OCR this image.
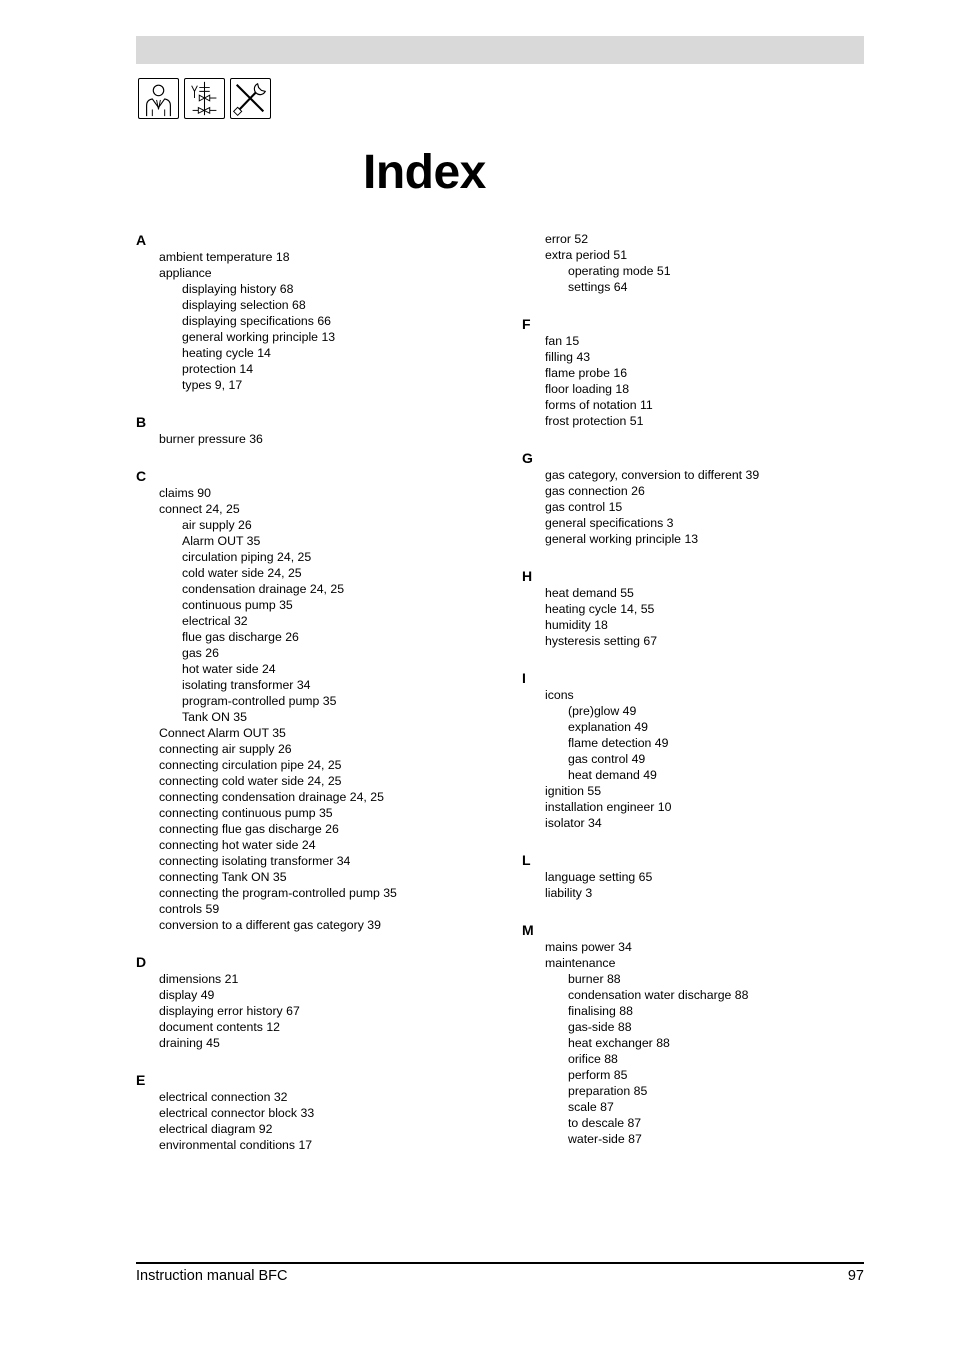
Index
A
ambient temperature 18
appliance
displaying history 68
displaying selection 68
displaying specifications 66
general working principle 13
heating cycle 14
protection 14
types 9, 17
B
burner pressure 36
C
claims 90
connect 24, 25
air supply 26
Alarm OUT 35
circulation piping 24, 25
cold water side 24, 25
condensation drainage 24, 25
continuous pump 35
electrical 32
flue gas discharge 26
gas 26
hot water side 24
isolating transformer 34
program-controlled pump 35
Tank ON 35
Connect Alarm OUT 35
connecting air supply 26
connecting circulation pipe 24, 25
connecting cold water side 24, 25
connecting condensation drainage 24, 25
connecting continuous pump 35
connecting flue gas discharge 26
connecting hot water side 24
connecting isolating transformer 34
connecting Tank ON 35
connecting the program-controlled pump 35
controls 59
conversion to a different gas category 39
D
dimensions 21
display 49
displaying error history 67
document contents 12
draining 45
E
electrical connection 32
electrical connector block 33
electrical diagram 92
environmental conditions 17
error 52
extra period 51
operating mode 51
settings 64
F
fan 15
filling 43
flame probe 16
floor loading 18
forms of notation 11
frost protection 51
G
gas category, conversion to different 39
gas connection 26
gas control 15
general specifications 3
general working principle 13
H
heat demand 55
heating cycle 14, 55
humidity 18
hysteresis setting 67
I
icons
(pre)glow 49
explanation 49
flame detection 49
gas control 49
heat demand 49
ignition 55
installation engineer 10
isolator 34
L
language setting 65
liability 3
M
mains power 34
maintenance
burner 88
condensation water discharge 88
finalising 88
gas-side 88
heat exchanger 88
orifice 88
perform 85
preparation 85
scale 87
to descale 87
water-side 87
Instruction manual BFC	97
